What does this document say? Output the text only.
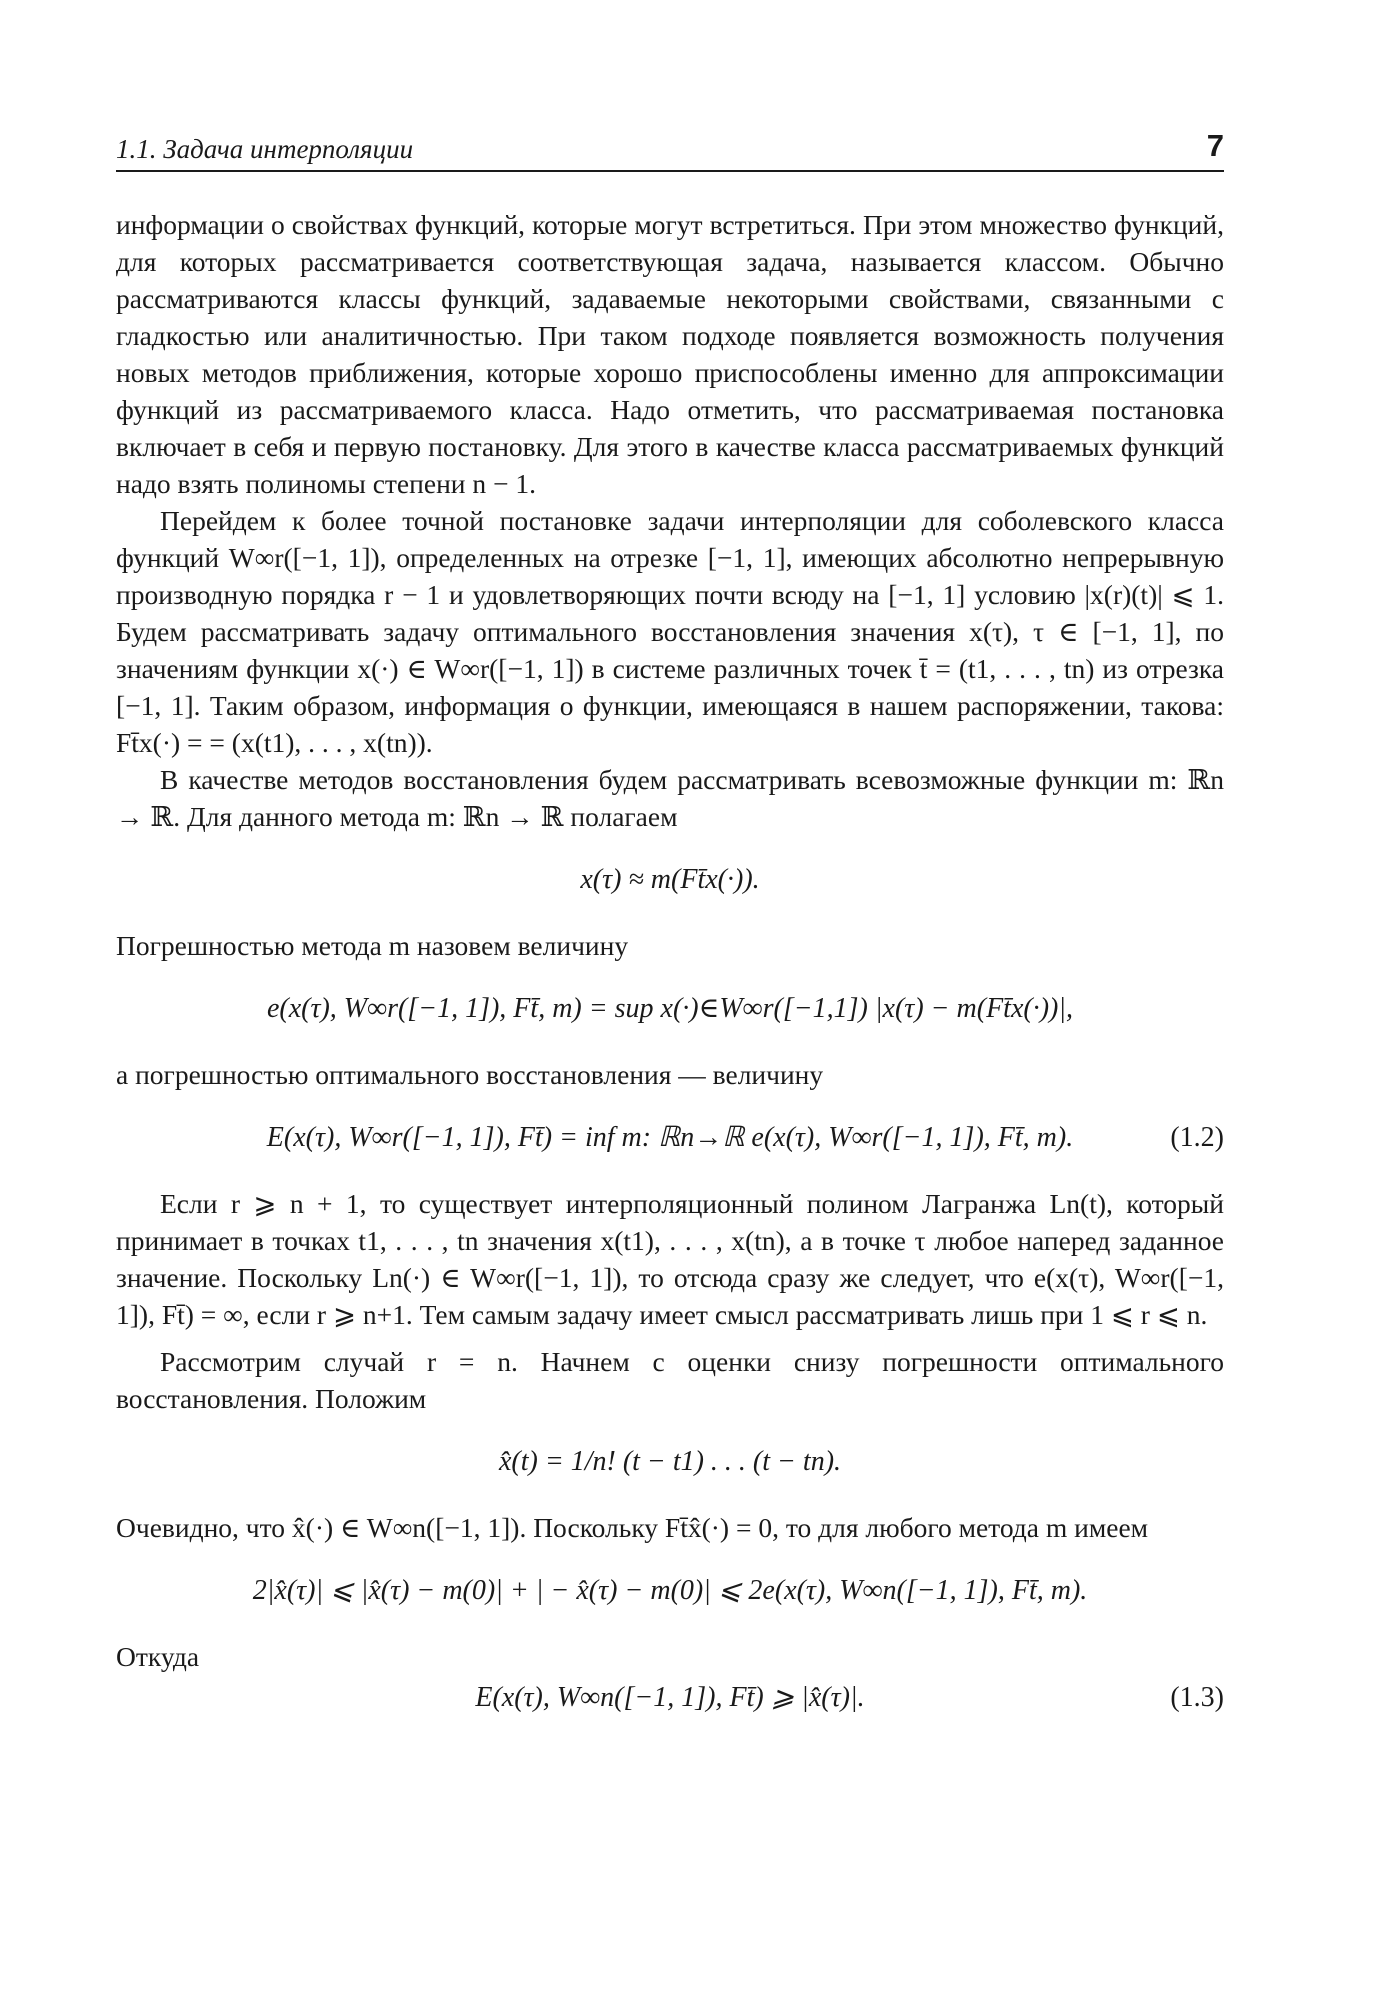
1.1. Задача интерполяции	7

информации о свойствах функций, которые могут встретиться. При этом множество функций, для которых рассматривается соответствующая задача, называется классом. Обычно рассматриваются классы функций, задаваемые некоторыми свойствами, связанными с гладкостью или аналитичностью. При таком подходе появляется возможность получения новых методов приближения, которые хорошо приспособлены именно для аппроксимации функций из рассматриваемого класса. Надо отметить, что рассматриваемая постановка включает в себя и первую постановку. Для этого в качестве класса рассматриваемых функций надо взять полиномы степени n − 1.

Перейдем к более точной постановке задачи интерполяции для соболевского класса функций W∞r([−1, 1]), определенных на отрезке [−1, 1], имеющих абсолютно непрерывную производную порядка r − 1 и удовлетворяющих почти всюду на [−1, 1] условию |x(r)(t)| ⩽ 1. Будем рассматривать задачу оптимального восстановления значения x(τ), τ ∈ [−1, 1], по значениям функции x(·) ∈ W∞r([−1, 1]) в системе различных точек t̄ = (t1, . . . , tn) из отрезка [−1, 1]. Таким образом, информация о функции, имеющаяся в нашем распоряжении, такова: Ft̄x(·) = = (x(t1), . . . , x(tn)).

В качестве методов восстановления будем рассматривать всевозможные функции m: ℝn → ℝ. Для данного метода m: ℝn → ℝ полагаем

x(τ) ≈ m(Ft̄x(·)).

Погрешностью метода m назовем величину

e(x(τ), W∞r([−1, 1]), Ft̄, m) = sup x(·)∈W∞r([−1,1]) |x(τ) − m(Ft̄x(·))|,

а погрешностью оптимального восстановления — величину

E(x(τ), W∞r([−1, 1]), Ft̄) = inf m: ℝn→ℝ e(x(τ), W∞r([−1, 1]), Ft̄, m).	(1.2)

Если r ⩾ n + 1, то существует интерполяционный полином Лагранжа Ln(t), который принимает в точках t1, . . . , tn значения x(t1), . . . , x(tn), а в точке τ любое наперед заданное значение. Поскольку Ln(·) ∈ W∞r([−1, 1]), то отсюда сразу же следует, что e(x(τ), W∞r([−1, 1]), Ft̄) = ∞, если r ⩾ n+1. Тем самым задачу имеет смысл рассматривать лишь при 1 ⩽ r ⩽ n.

Рассмотрим случай r = n. Начнем с оценки снизу погрешности оптимального восстановления. Положим

x̂(t) = 1/n! (t − t1) . . . (t − tn).

Очевидно, что x̂(·) ∈ W∞n([−1, 1]). Поскольку Ft̄x̂(·) = 0, то для любого метода m имеем

2|x̂(τ)| ⩽ |x̂(τ) − m(0)| + | − x̂(τ) − m(0)| ⩽ 2e(x(τ), W∞n([−1, 1]), Ft̄, m).

Откуда

E(x(τ), W∞n([−1, 1]), Ft̄) ⩾ |x̂(τ)|.	(1.3)
